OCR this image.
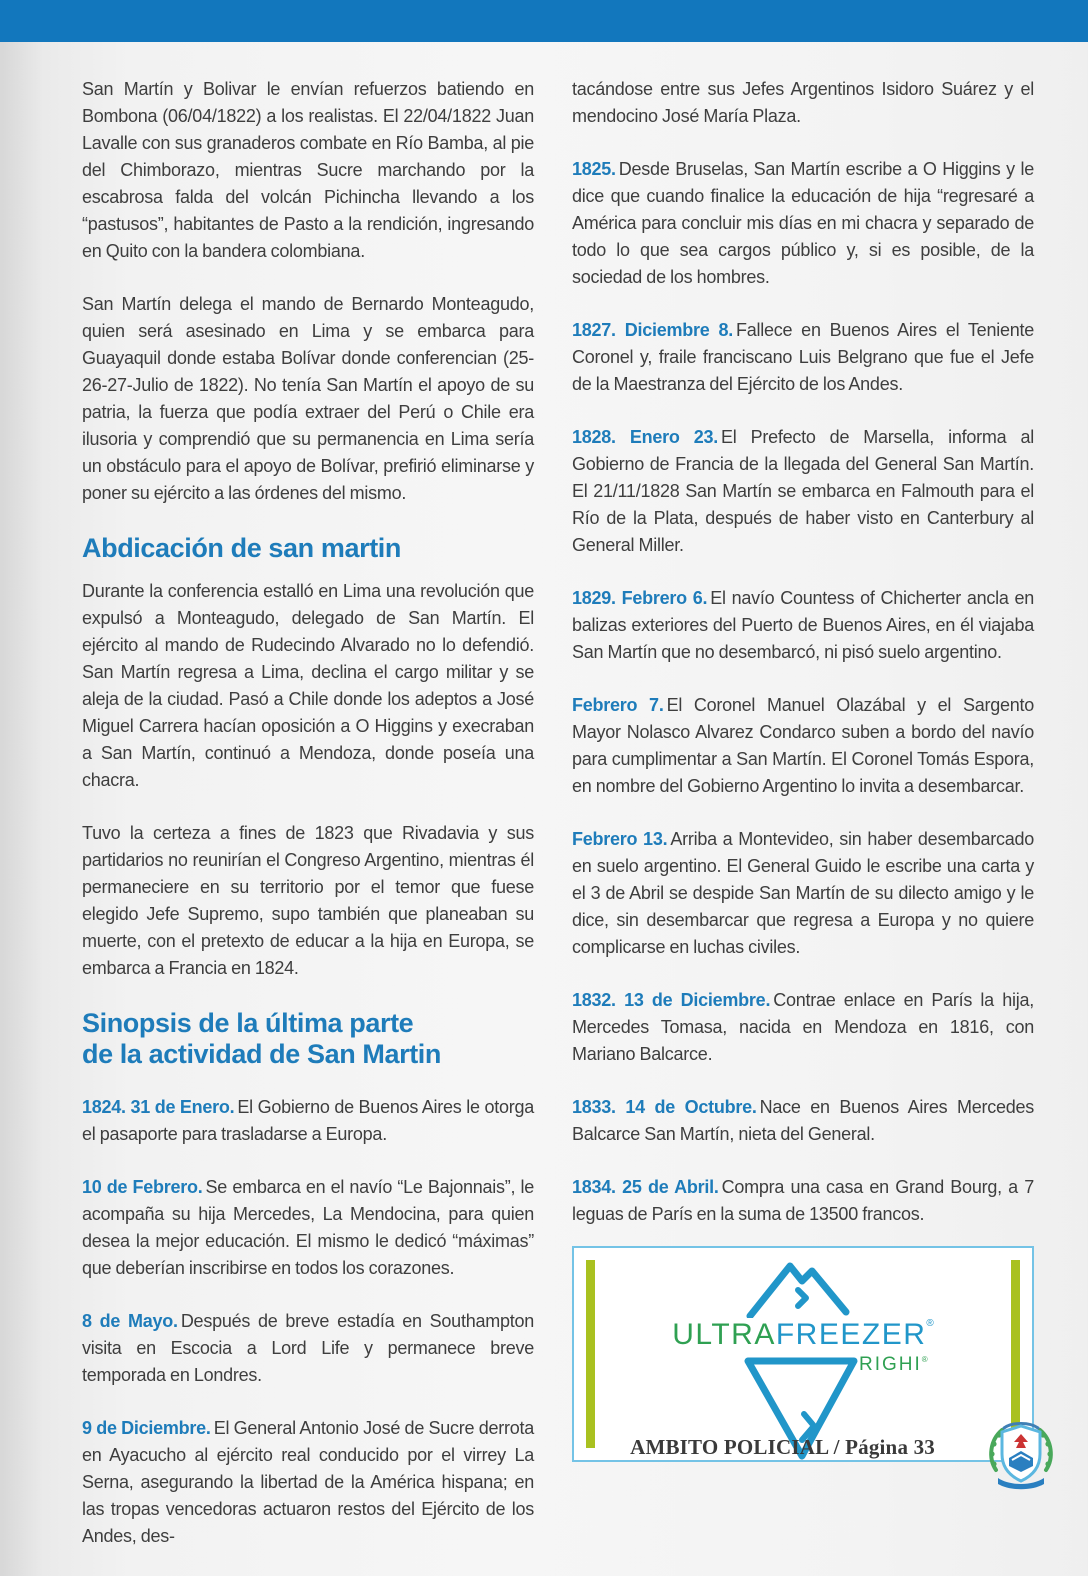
San Martín y Bolivar le envían refuerzos batiendo en Bombona (06/04/1822) a los realistas. El 22/04/1822 Juan Lavalle con sus granaderos combate en Río Bamba, al pie del Chimborazo, mientras Sucre marchando por la escabrosa falda del volcán Pichincha llevando a los “pastusos”, habitantes de Pasto a la rendición, ingresando en Quito con la bandera colombiana.

San Martín delega el mando de Bernardo Monteagudo, quien será asesinado en Lima y se embarca para Guayaquil donde estaba Bolívar donde conferencian (25-26-27-Julio de 1822). No tenía San Martín el apoyo de su patria, la fuerza que podía extraer del Perú o Chile era ilusoria y comprendió que su permanencia en Lima sería un obstáculo para el apoyo de Bolívar, prefirió eliminarse y poner su ejército a las órdenes del mismo.

Abdicación de san martin

Durante la conferencia estalló en Lima una revolución que expulsó a Monteagudo, delegado de San Martín. El ejército al mando de Rudecindo Alvarado no lo defendió. San Martín regresa a Lima, declina el cargo militar y se aleja de la ciudad. Pasó a Chile donde los adeptos a José Miguel Carrera hacían oposición a O Higgins y execraban a San Martín, continuó a Mendoza, donde poseía una chacra.

Tuvo la certeza a fines de 1823 que Rivadavia y sus partidarios no reunirían el Congreso Argentino, mientras él permaneciere en su territorio por el temor que fuese elegido Jefe Supremo, supo también que planeaban su muerte, con el pretexto de educar a la hija en Europa, se embarca a Francia en 1824.

Sinopsis de la última parte
de la actividad de San Martin

1824. 31 de Enero. El Gobierno de Buenos Aires le otorga el pasaporte para trasladarse a Europa.

10 de Febrero. Se embarca en el navío “Le Bajonnais”, le acompaña su hija Mercedes, La Mendocina, para quien desea la mejor educación. El mismo le dedicó “máximas” que deberían inscribirse en todos los corazones.

8 de Mayo. Después de breve estadía en Southampton visita en Escocia a Lord Life y permanece breve temporada en Londres.

9 de Diciembre. El General Antonio José de Sucre derrota en Ayacucho al ejército real conducido por el virrey La Serna, asegurando la libertad de la América hispana; en las tropas vencedoras actuaron restos del Ejército de los Andes, des-

tacándose entre sus Jefes Argentinos Isidoro Suárez y el mendocino José María Plaza.

1825. Desde Bruselas, San Martín escribe a O Higgins y le dice que cuando finalice la educación de hija “regresaré a América para concluir mis días en mi chacra y separado de todo lo que sea cargos público y, si es posible, de la sociedad de los hombres.

1827. Diciembre 8. Fallece en Buenos Aires el Teniente Coronel y, fraile franciscano Luis Belgrano que fue el Jefe de la Maestranza del Ejército de los Andes.

1828. Enero 23. El Prefecto de Marsella, informa al Gobierno de Francia de la llegada del General San Martín. El 21/11/1828 San Martín se embarca en Falmouth para el Río de la Plata, después de haber visto en Canterbury al General Miller.

1829. Febrero 6. El navío Countess of Chicherter ancla en balizas exteriores del Puerto de Buenos Aires, en él viajaba San Martín que no desembarcó, ni pisó suelo argentino.

Febrero 7. El Coronel Manuel Olazábal y el Sargento Mayor Nolasco Alvarez Condarco suben a bordo del navío para cumplimentar a San Martín. El Coronel Tomás Espora, en nombre del Gobierno Argentino lo invita a desembarcar.

Febrero 13. Arriba a Montevideo, sin haber desembarcado en suelo argentino. El General Guido le escribe una carta y el 3 de Abril se despide San Martín de su dilecto amigo y le dice, sin desembarcar que regresa a Europa y no quiere complicarse en luchas civiles.

1832. 13 de Diciembre. Contrae enlace en París la hija, Mercedes Tomasa, nacida en Mendoza en 1816, con Mariano Balcarce.

1833. 14 de Octubre. Nace en Buenos Aires Mercedes Balcarce San Martín, nieta del General.

1834. 25 de Abril. Compra una casa en Grand Bourg, a 7 leguas de París en la suma de 13500 francos.

ULTRAFREEZER®
RIGHI®
AMBITO POLICIAL / Página 33
